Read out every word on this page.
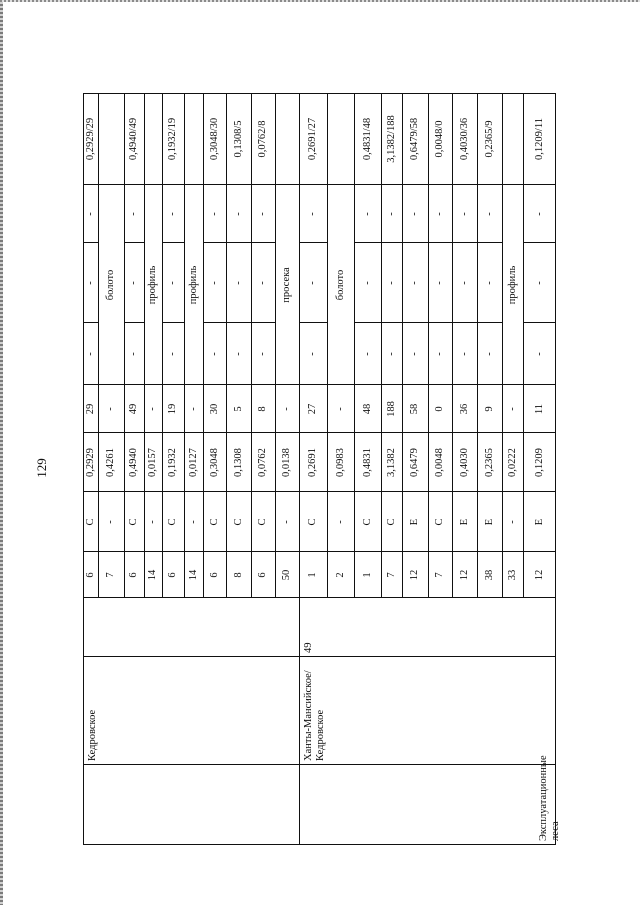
129
6
С
0,2929
29
-
-
-
0,2929/29
7
-
0,4261
-
болото
6
С
0,4940
49
-
-
-
0,4940/49
14
-
0,0157
-
профиль
6
С
0,1932
19
-
-
-
0,1932/19
14
-
0,0127
-
профиль
6
С
0,3048
30
-
-
-
0,3048/30
8
С
0,1308
5
-
-
-
0,1308/5
6
С
0,0762
8
-
-
-
0,0762/8
50
-
0,0138
-
просека
1
С
0,2691
27
-
-
-
0,2691/27
2
-
0,0983
-
болото
1
С
0,4831
48
-
-
-
0,4831/48
7
С
3,1382
188
-
-
-
3,1382/188
12
Е
0,6479
58
-
-
-
0,6479/58
7
С
0,0048
0
-
-
-
0,0048/0
12
Е
0,4030
36
-
-
-
0,4030/36
38
Е
0,2365
9
-
-
-
0,2365/9
33
-
0,0222
-
профиль
12
Е
0,1209
11
-
-
-
0,1209/11
Эксплуатационные леса
Кедровское	Ханты-Мансийское/ Кедровское
49
